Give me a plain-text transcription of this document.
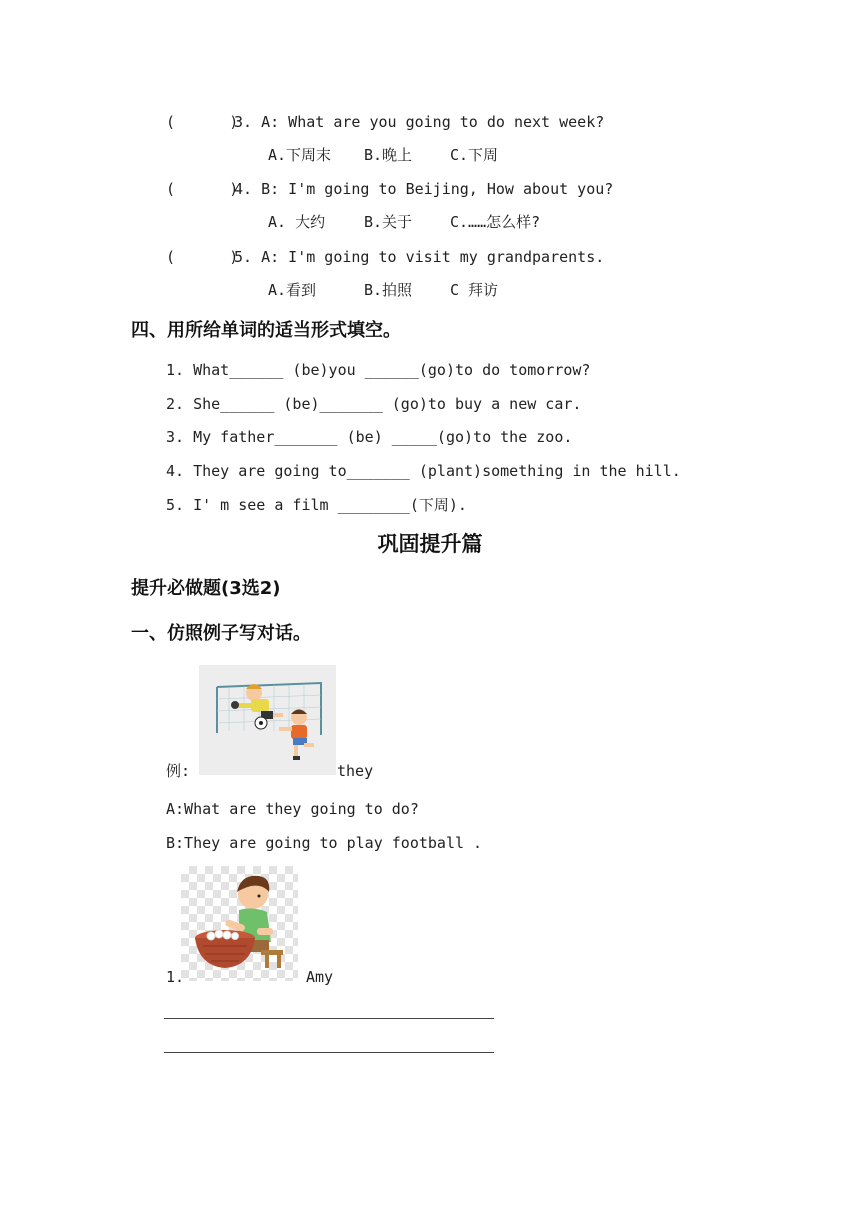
(      )
3. A: What are you going to do next week?
A.下周末 B.晚上	C.下周
(      )
4. B: I'm going to Beijing, How about you?
A. 大约	B.关于	C.……怎么样?
(      )
5. A: I'm going to visit my grandparents.
A.看到	B.拍照	C 拜访
四、用所给单词的适当形式填空。
1. What______ (be)you ______(go)to do tomorrow?
2. She______ (be)_______ (go)to buy a new car.
3. My father_______ (be) _____(go)to the zoo.
4. They are going to_______ (plant)something in the hill.
5. I' m see a film ________(下周).
巩固提升篇
提升必做题(3选2)
一、仿照例子写对话。
例:	they
A:What are they going to do?
B:They are going to play football .
1.	Amy
